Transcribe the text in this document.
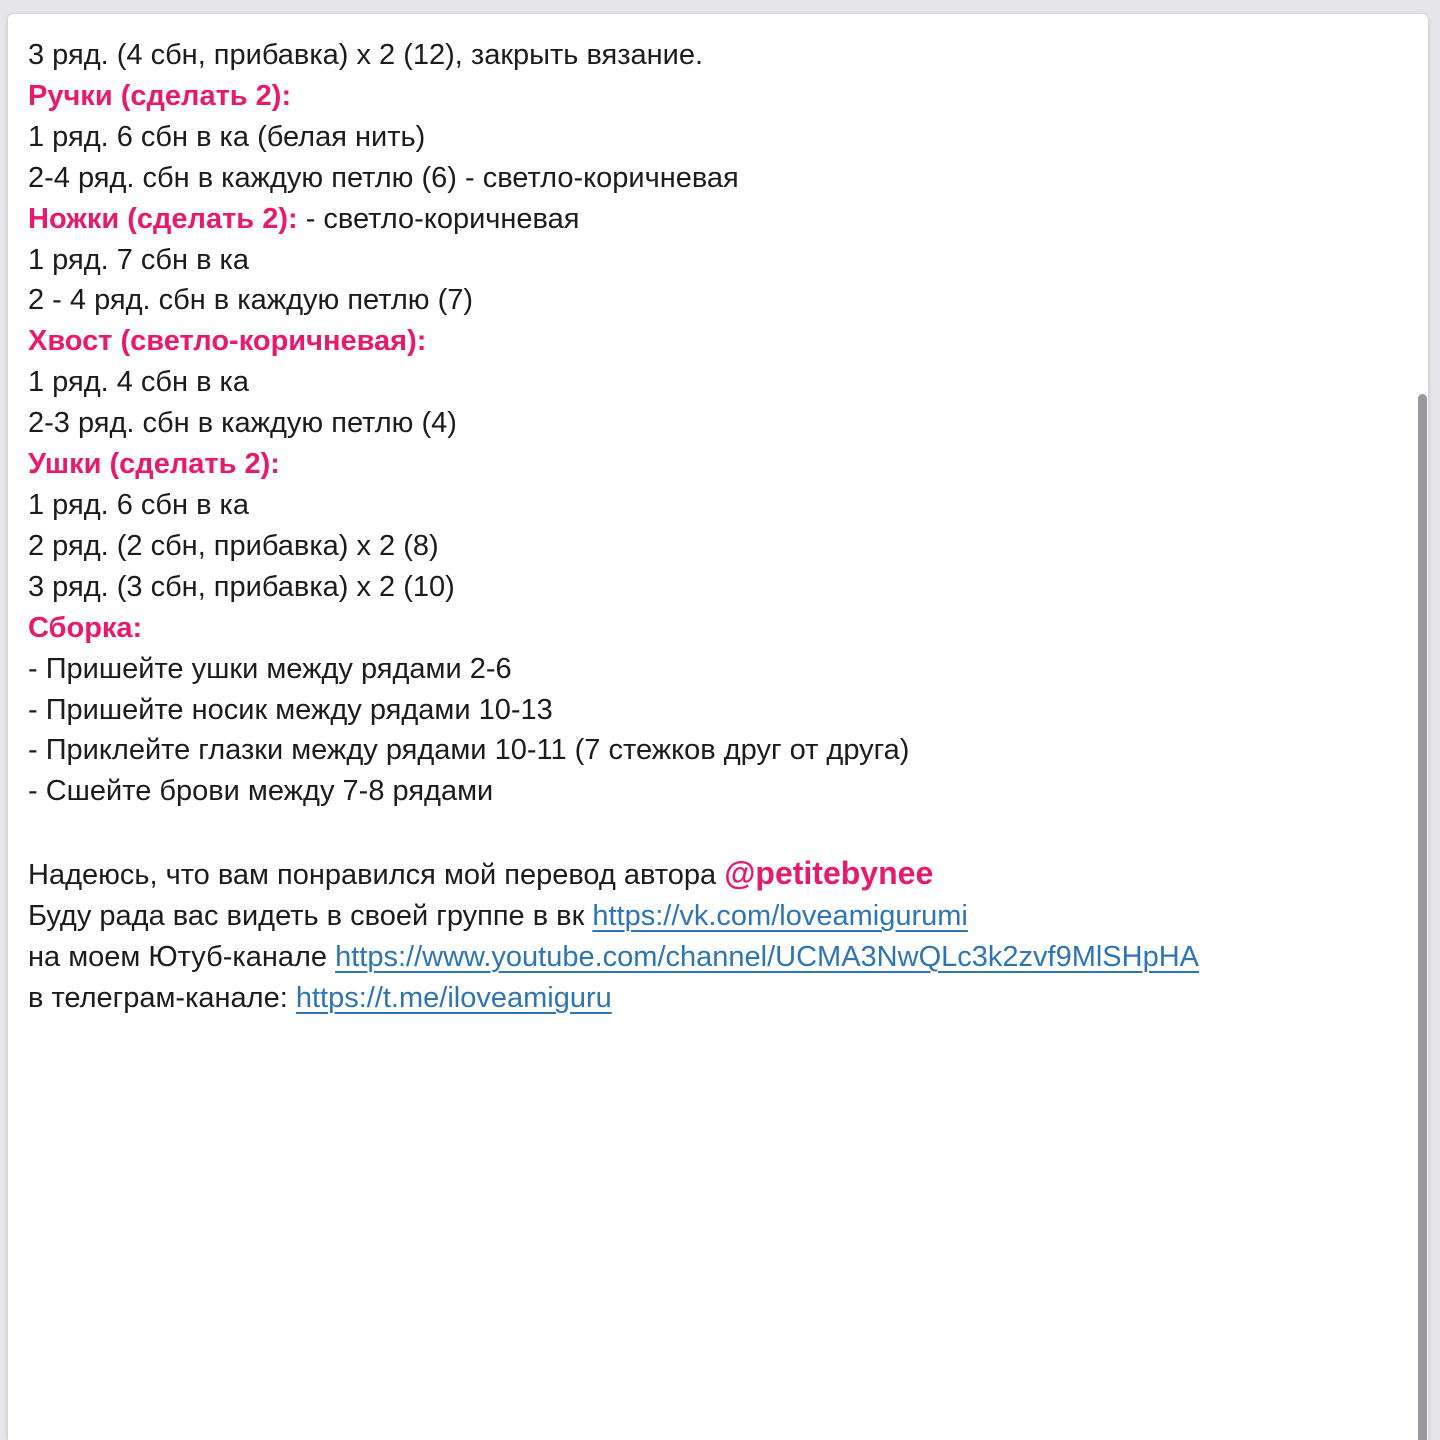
3 ряд. (4 сбн, прибавка) х 2 (12), закрыть вязание.

Ручки (сделать 2):

1 ряд. 6 сбн в ка (белая нить)

2-4 ряд. сбн в каждую петлю (6) - светло-коричневая

Ножки (сделать 2): - светло-коричневая

1 ряд. 7 сбн в ка

2 - 4 ряд. сбн в каждую петлю (7)

Хвост (светло-коричневая):

1 ряд. 4 сбн в ка

2-3 ряд. сбн в каждую петлю (4)

Ушки (сделать 2):

1 ряд. 6 сбн в ка

2 ряд. (2 сбн, прибавка) х 2 (8)

3 ряд. (3 сбн, прибавка) х 2 (10)

Сборка:

- Пришейте ушки между рядами 2-6

- Пришейте носик между рядами 10-13

- Приклейте глазки между рядами 10-11 (7 стежков друг от друга)

- Сшейте брови между 7-8 рядами

Надеюсь, что вам понравился мой перевод автора @petitebynee

Буду рада вас видеть в своей группе в вк https://vk.com/loveamigurumi

на моем Ютуб-канале https://www.youtube.com/channel/UCMA3NwQLc3k2zvf9MlSHpHA

в телеграм-канале: https://t.me/iloveamiguru
